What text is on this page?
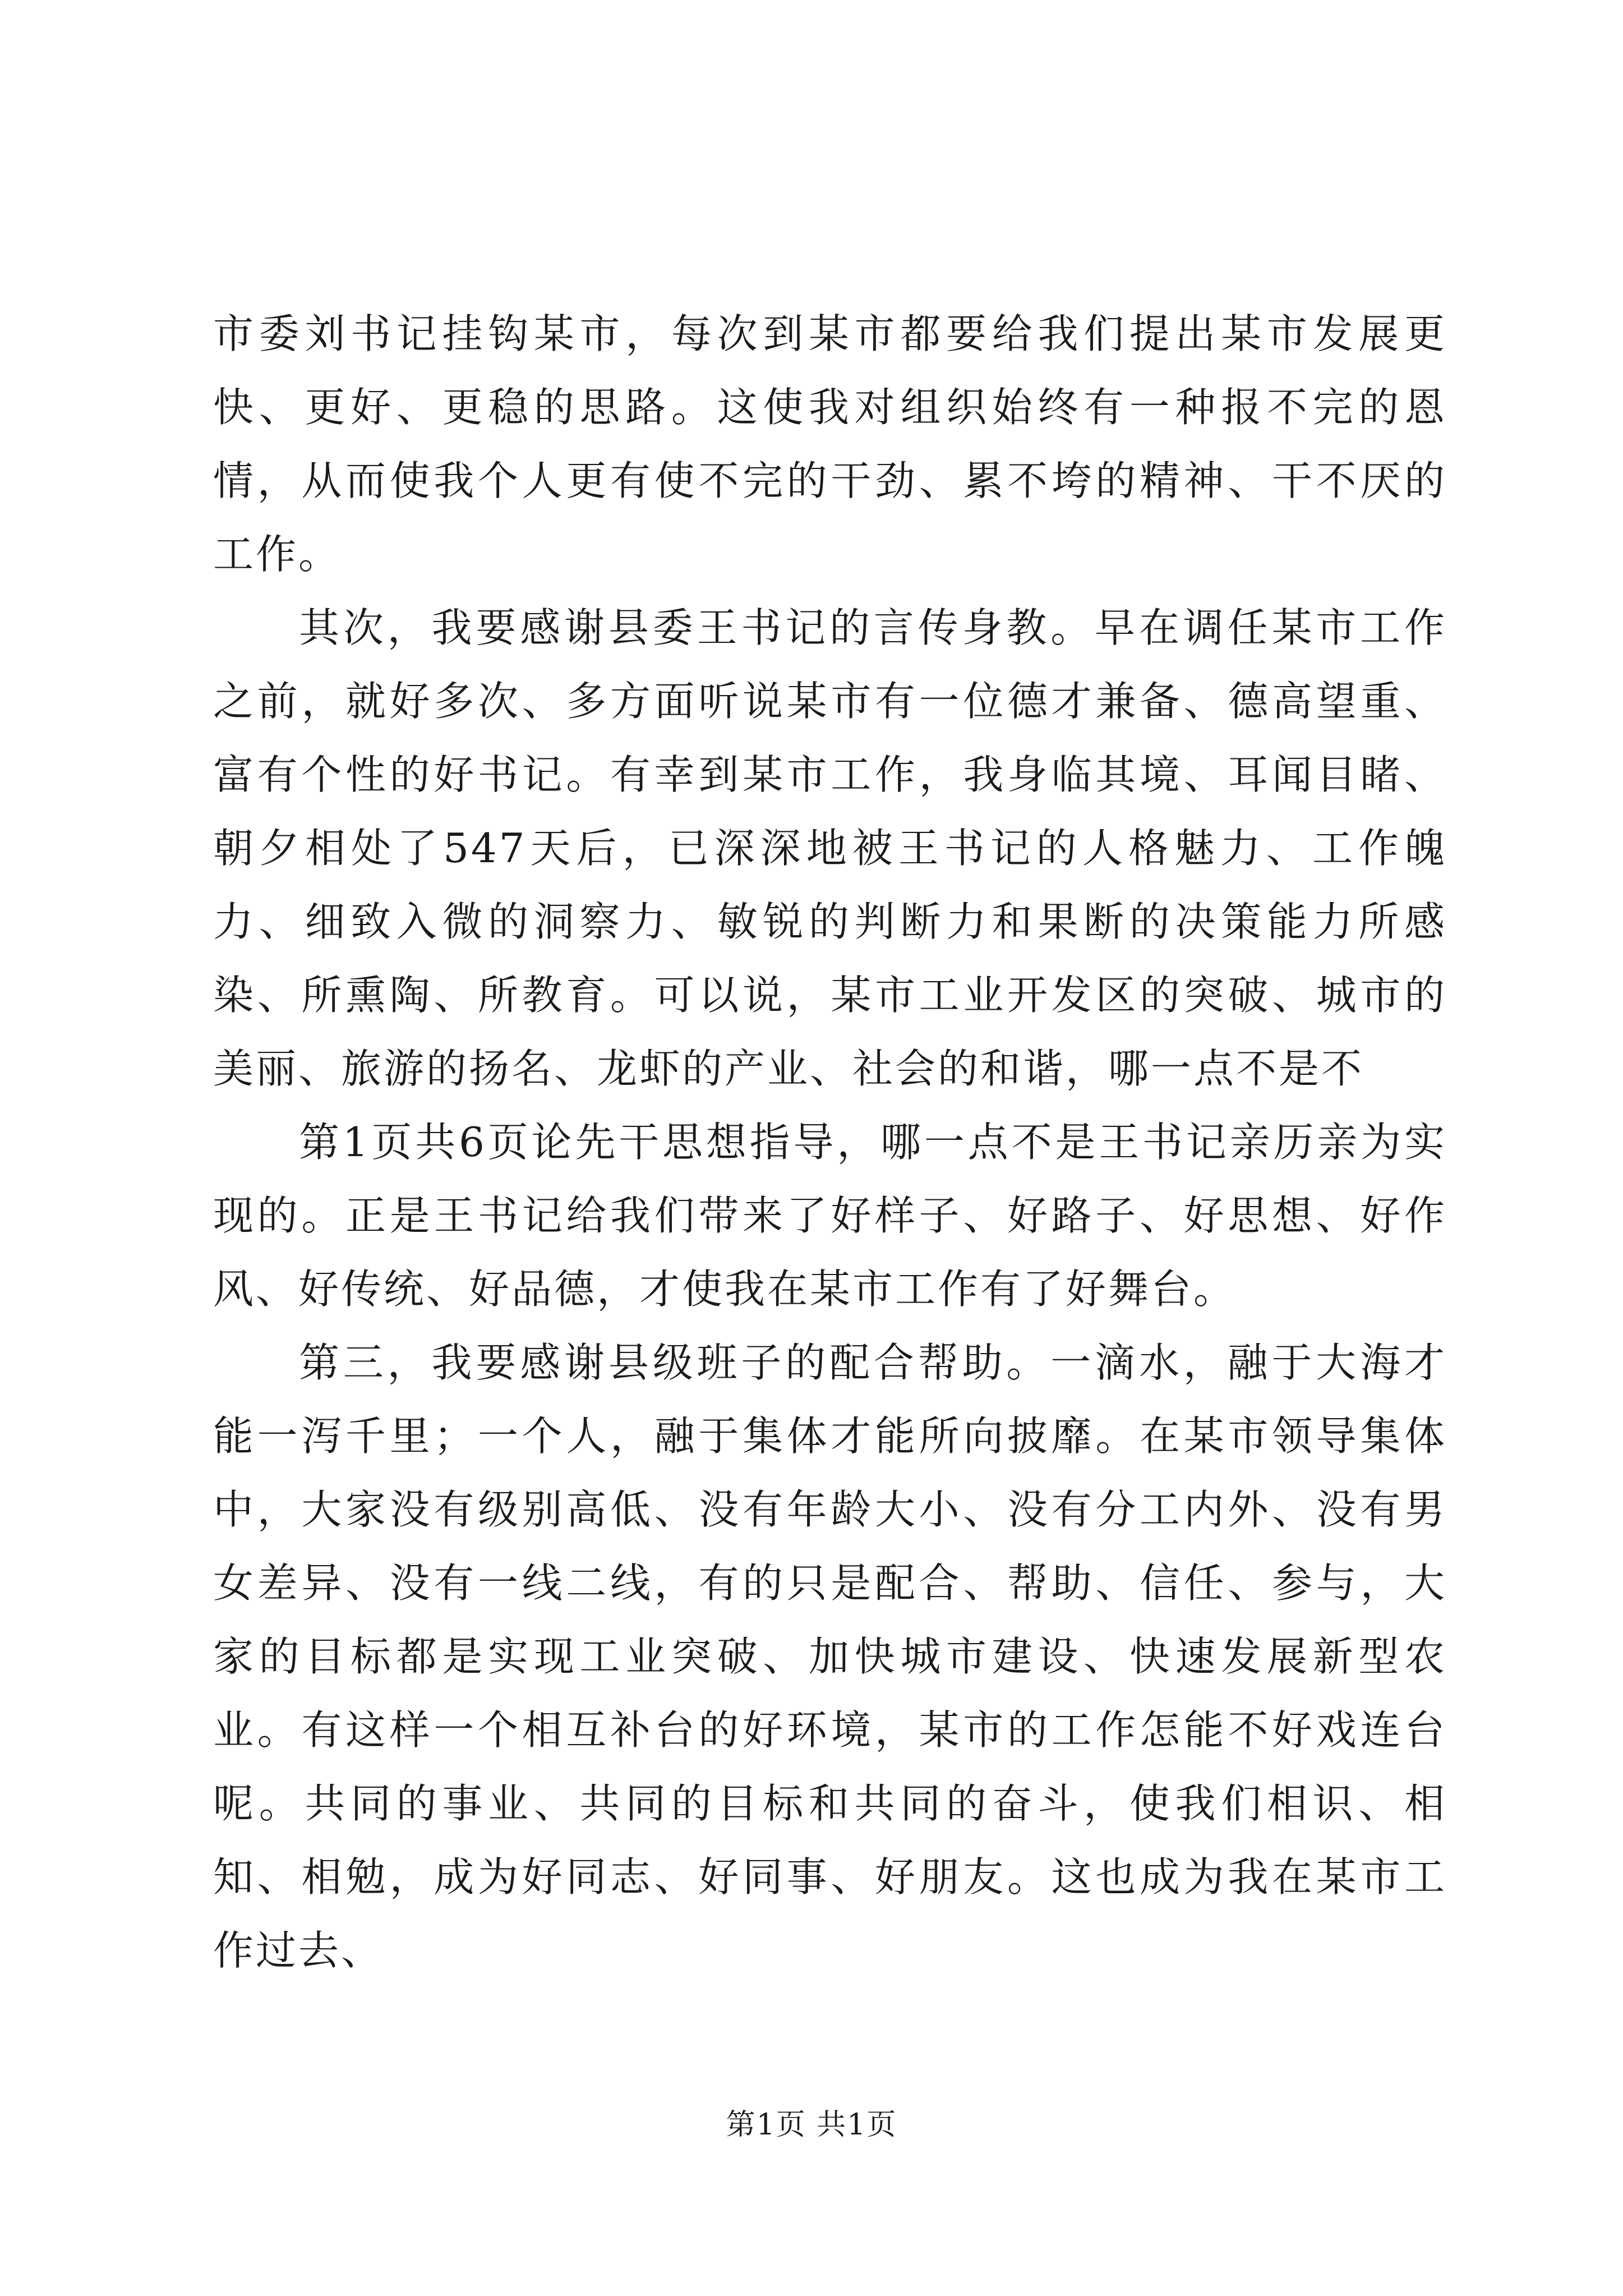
市委刘书记挂钩某市，每次到某市都要给我们提出某市发展更快、更好、更稳的思路。这使我对组织始终有一种报不完的恩情，从而使我个人更有使不完的干劲、累不垮的精神、干不厌的工作。

其次，我要感谢县委王书记的言传身教。早在调任某市工作之前，就好多次、多方面听说某市有一位德才兼备、德高望重、富有个性的好书记。有幸到某市工作，我身临其境、耳闻目睹、朝夕相处了547天后，已深深地被王书记的人格魅力、工作魄力、细致入微的洞察力、敏锐的判断力和果断的决策能力所感染、所熏陶、所教育。可以说，某市工业开发区的突破、城市的美丽、旅游的扬名、龙虾的产业、社会的和谐，哪一点不是不

第1页共6页论先干思想指导，哪一点不是王书记亲历亲为实现的。正是王书记给我们带来了好样子、好路子、好思想、好作风、好传统、好品德，才使我在某市工作有了好舞台。

第三，我要感谢县级班子的配合帮助。一滴水，融于大海才能一泻千里；一个人，融于集体才能所向披靡。在某市领导集体中，大家没有级别高低、没有年龄大小、没有分工内外、没有男女差异、没有一线二线，有的只是配合、帮助、信任、参与，大家的目标都是实现工业突破、加快城市建设、快速发展新型农业。有这样一个相互补台的好环境，某市的工作怎能不好戏连台呢。共同的事业、共同的目标和共同的奋斗，使我们相识、相知、相勉，成为好同志、好同事、好朋友。这也成为我在某市工作过去、

第1页 共1页
